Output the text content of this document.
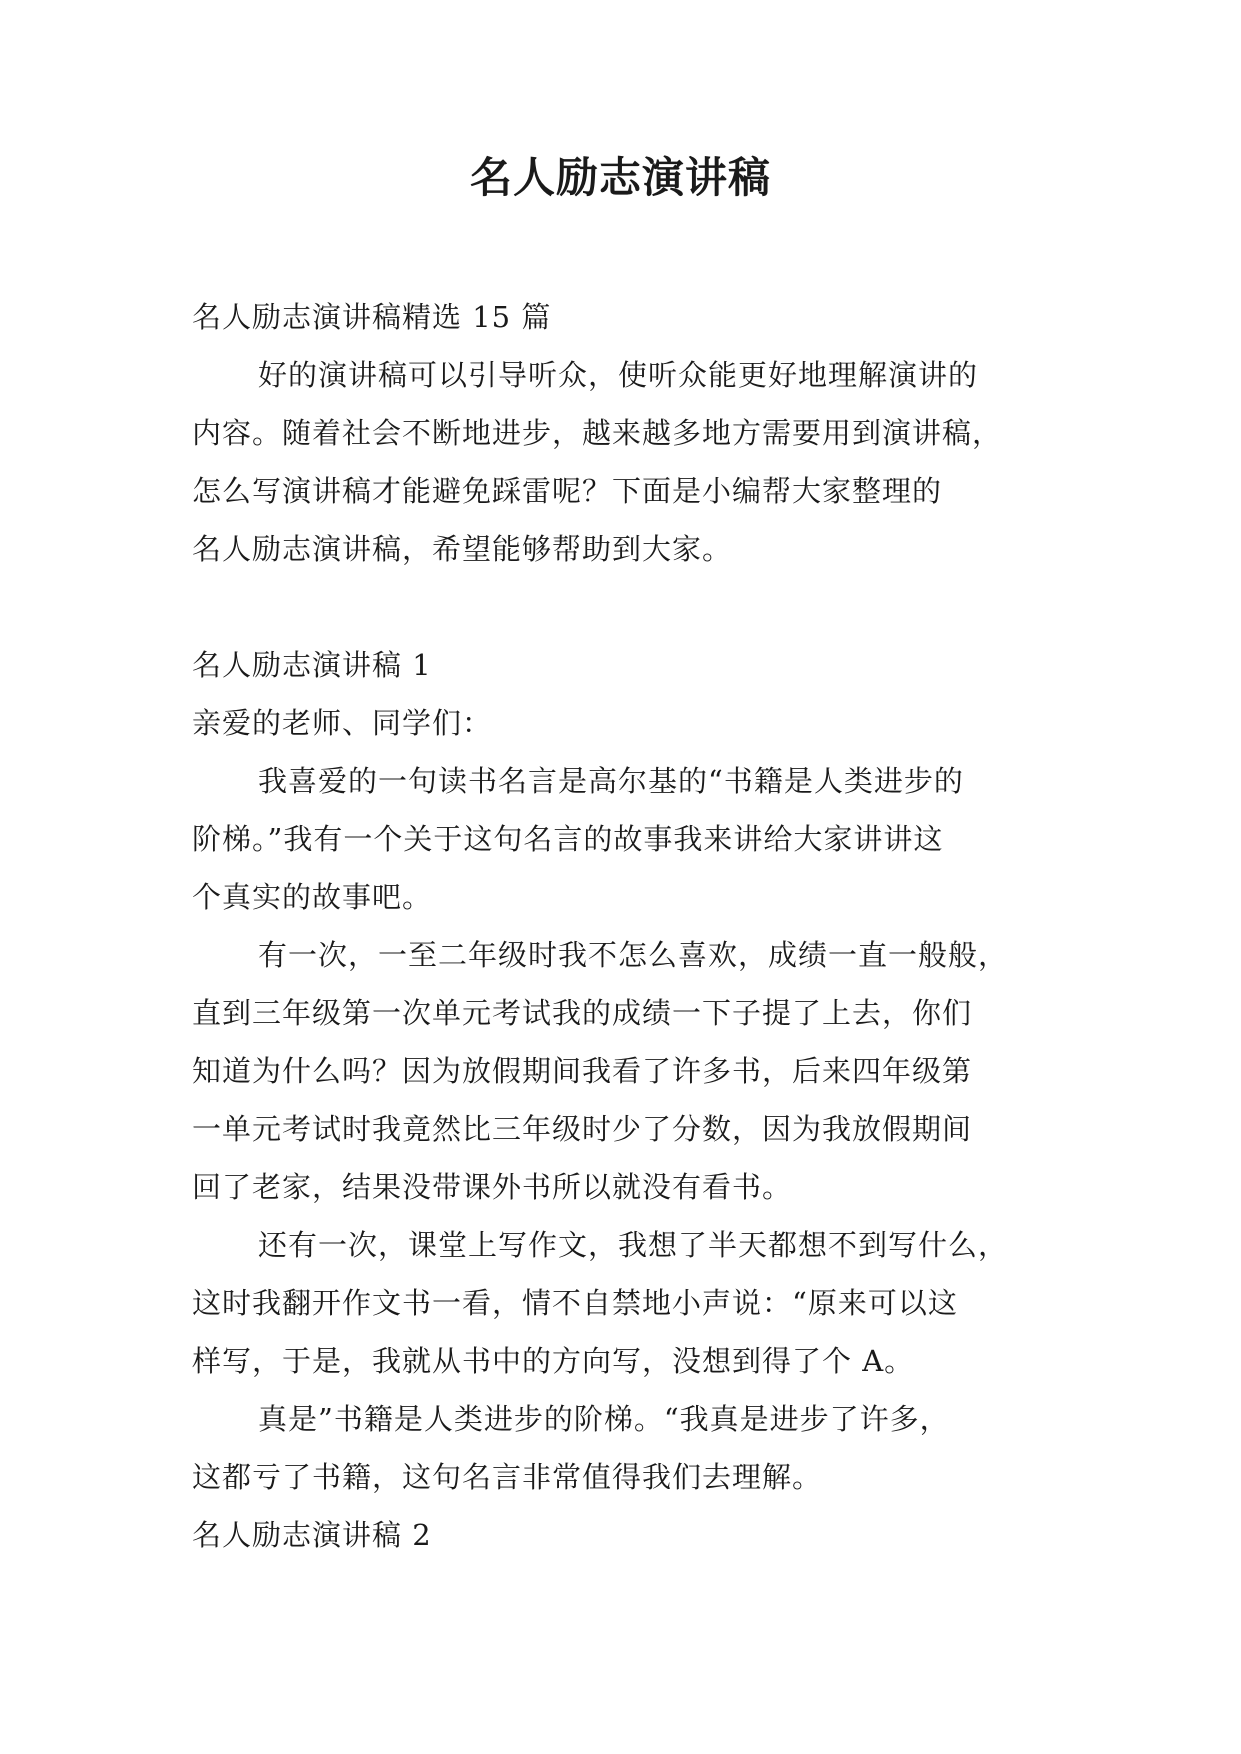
名人励志演讲稿

名人励志演讲稿精选 15 篇

好的演讲稿可以引导听众，使听众能更好地理解演讲的

内容。随着社会不断地进步，越来越多地方需要用到演讲稿，

怎么写演讲稿才能避免踩雷呢？下面是小编帮大家整理的

名人励志演讲稿，希望能够帮助到大家。

名人励志演讲稿 1

亲爱的老师、同学们：

我喜爱的一句读书名言是高尔基的“书籍是人类进步的

阶梯。”我有一个关于这句名言的故事我来讲给大家讲讲这

个真实的故事吧。

有一次，一至二年级时我不怎么喜欢，成绩一直一般般，

直到三年级第一次单元考试我的成绩一下子提了上去，你们

知道为什么吗？因为放假期间我看了许多书，后来四年级第

一单元考试时我竟然比三年级时少了分数，因为我放假期间

回了老家，结果没带课外书所以就没有看书。

还有一次，课堂上写作文，我想了半天都想不到写什么，

这时我翻开作文书一看，情不自禁地小声说：“原来可以这

样写，于是，我就从书中的方向写，没想到得了个 A。

真是”书籍是人类进步的阶梯。“我真是进步了许多，

这都亏了书籍，这句名言非常值得我们去理解。

名人励志演讲稿 2
